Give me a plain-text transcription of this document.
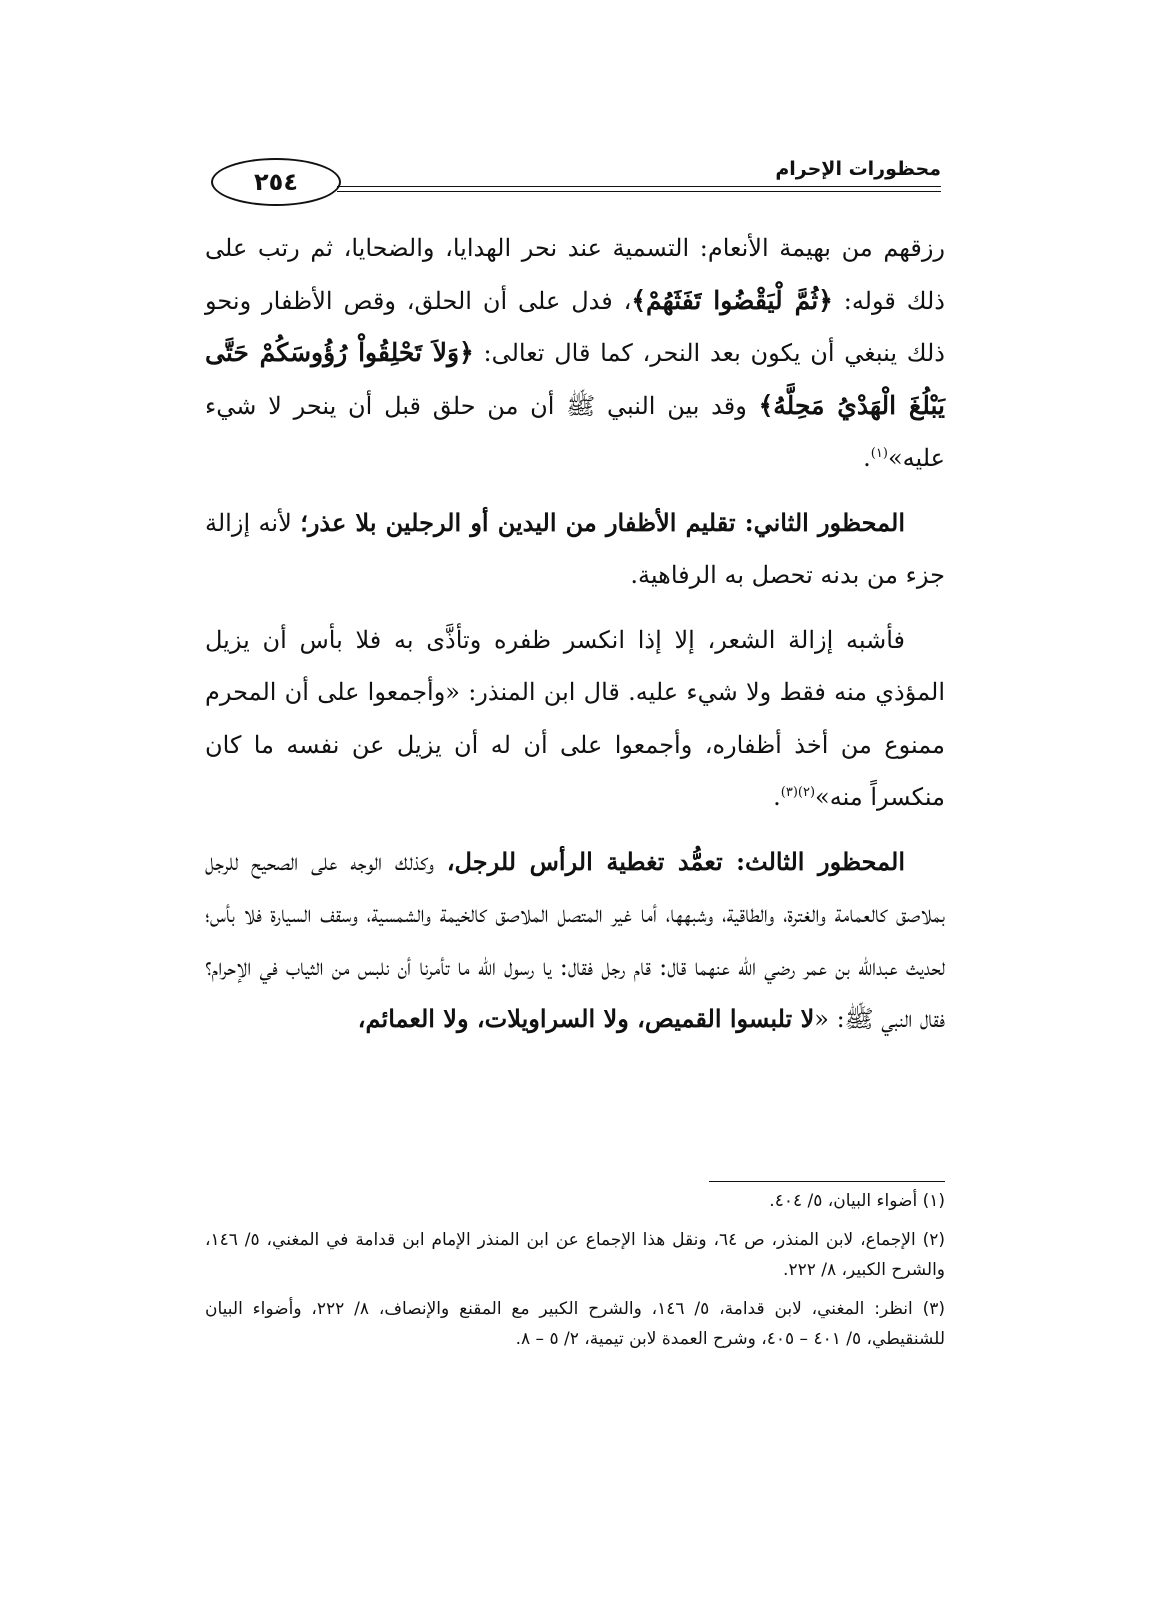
٢٥٤	محظورات الإحرام

رزقهم من بهيمة الأنعام: التسمية عند نحر الهدايا، والضحايا، ثم رتب على ذلك قوله: ﴿ثُمَّ لْيَقْضُوا تَفَثَهُمْ﴾، فدل على أن الحلق، وقص الأظفار ونحو ذلك ينبغي أن يكون بعد النحر، كما قال تعالى: ﴿وَلاَ تَحْلِقُواْ رُؤُوسَكُمْ حَتَّى يَبْلُغَ الْهَدْيُ مَحِلَّهُ﴾ وقد بين النبي ﷺ أن من حلق قبل أن ينحر لا شيء عليه»$^{(١)}$.

المحظور الثاني: تقليم الأظفار من اليدين أو الرجلين بلا عذر؛ لأنه إزالة جزء من بدنه تحصل به الرفاهية.

فأشبه إزالة الشعر، إلا إذا انكسر ظفره وتأذَّى به فلا بأس أن يزيل المؤذي منه فقط ولا شيء عليه. قال ابن المنذر: «وأجمعوا على أن المحرم ممنوع من أخذ أظفاره، وأجمعوا على أن له أن يزيل عن نفسه ما كان منكسراً منه»$^{(٢)(٣)}$.

المحظور الثالث: تعمُّد تغطية الرأس للرجل، وكذلك الوجه على الصحيح للرجل بملاصق كالعمامة والغترة، والطاقية، وشبهها، أما غير المتصل الملاصق كالخيمة والشمسية، وسقف السيارة فلا بأس؛ لحديث عبدالله بن عمر رضي الله عنهما قال: قام رجل فقال: يا رسول الله ما تأمرنا أن نلبس من الثياب في الإحرام؟ فقال النبي ﷺ: «لا تلبسوا القميص، ولا السراويلات، ولا العمائم،

(١) أضواء البيان، ٥/ ٤٠٤.

(٢) الإجماع، لابن المنذر، ص ٦٤، ونقل هذا الإجماع عن ابن المنذر الإمام ابن قدامة في المغني، ٥/ ١٤٦، والشرح الكبير، ٨/ ٢٢٢.

(٣) انظر: المغني، لابن قدامة، ٥/ ١٤٦، والشرح الكبير مع المقنع والإنصاف، ٨/ ٢٢٢، وأضواء البيان للشنقيطي، ٥/ ٤٠١ – ٤٠٥، وشرح العمدة لابن تيمية، ٢/ ٥ – ٨.
